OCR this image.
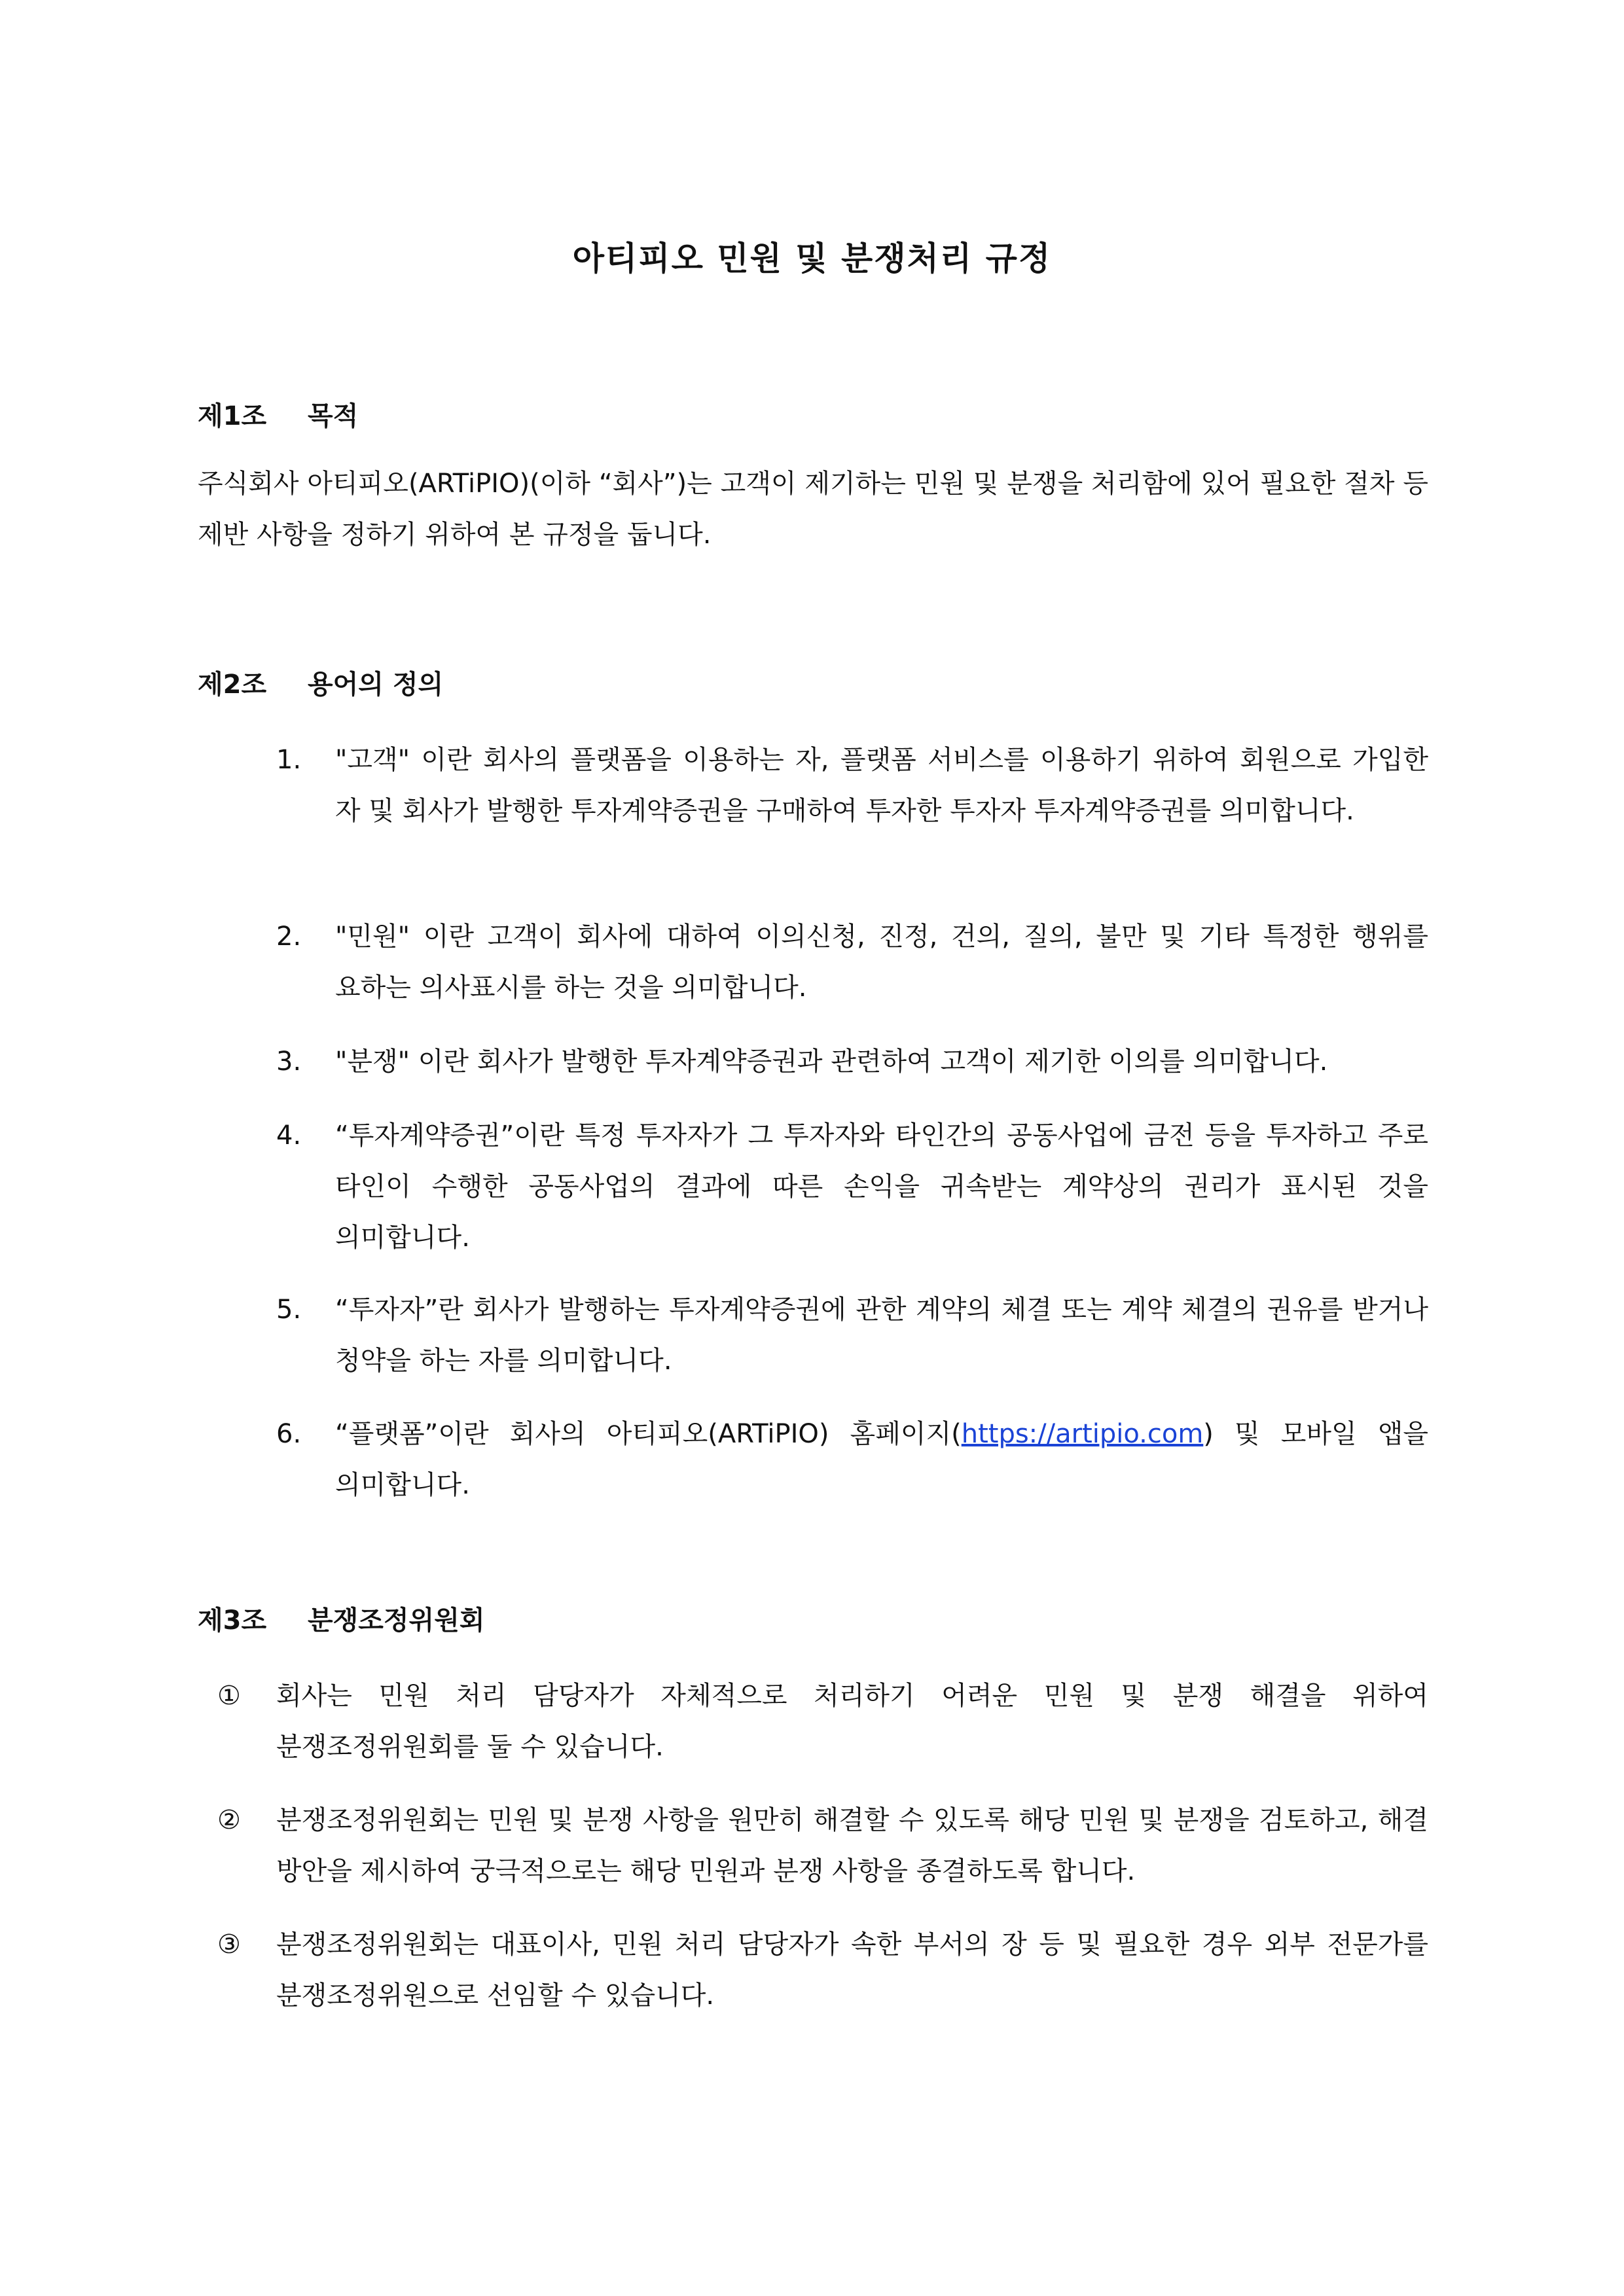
아티피오 민원 및 분쟁처리 규정
제1조 목적
주식회사 아티피오(ARTiPIO)(이하 “회사”)는 고객이 제기하는 민원 및 분쟁을 처리함에 있어 필요한 절차 등 제반 사항을 정하기 위하여 본 규정을 둡니다.
제2조 용어의 정의
1. "고객" 이란 회사의 플랫폼을 이용하는 자, 플랫폼 서비스를 이용하기 위하여 회원으로 가입한 자 및 회사가 발행한 투자계약증권을 구매하여 투자한 투자자 투자계약증권를 의미합니다.
2. "민원" 이란 고객이 회사에 대하여 이의신청, 진정, 건의, 질의, 불만 및 기타 특정한 행위를 요하는 의사표시를 하는 것을 의미합니다.
3. "분쟁" 이란 회사가 발행한 투자계약증권과 관련하여 고객이 제기한 이의를 의미합니다.
4. “투자계약증권”이란 특정 투자자가 그 투자자와 타인간의 공동사업에 금전 등을 투자하고 주로 타인이 수행한 공동사업의 결과에 따른 손익을 귀속받는 계약상의 권리가 표시된 것을 의미합니다.
5. “투자자”란 회사가 발행하는 투자계약증권에 관한 계약의 체결 또는 계약 체결의 권유를 받거나 청약을 하는 자를 의미합니다.
6. “플랫폼”이란 회사의 아티피오(ARTiPIO) 홈페이지(https://artipio.com) 및 모바일 앱을 의미합니다.
제3조 분쟁조정위원회
① 회사는 민원 처리 담당자가 자체적으로 처리하기 어려운 민원 및 분쟁 해결을 위하여 분쟁조정위원회를 둘 수 있습니다.
② 분쟁조정위원회는 민원 및 분쟁 사항을 원만히 해결할 수 있도록 해당 민원 및 분쟁을 검토하고, 해결 방안을 제시하여 궁극적으로는 해당 민원과 분쟁 사항을 종결하도록 합니다.
③ 분쟁조정위원회는 대표이사, 민원 처리 담당자가 속한 부서의 장 등 및 필요한 경우 외부 전문가를 분쟁조정위원으로 선임할 수 있습니다.
